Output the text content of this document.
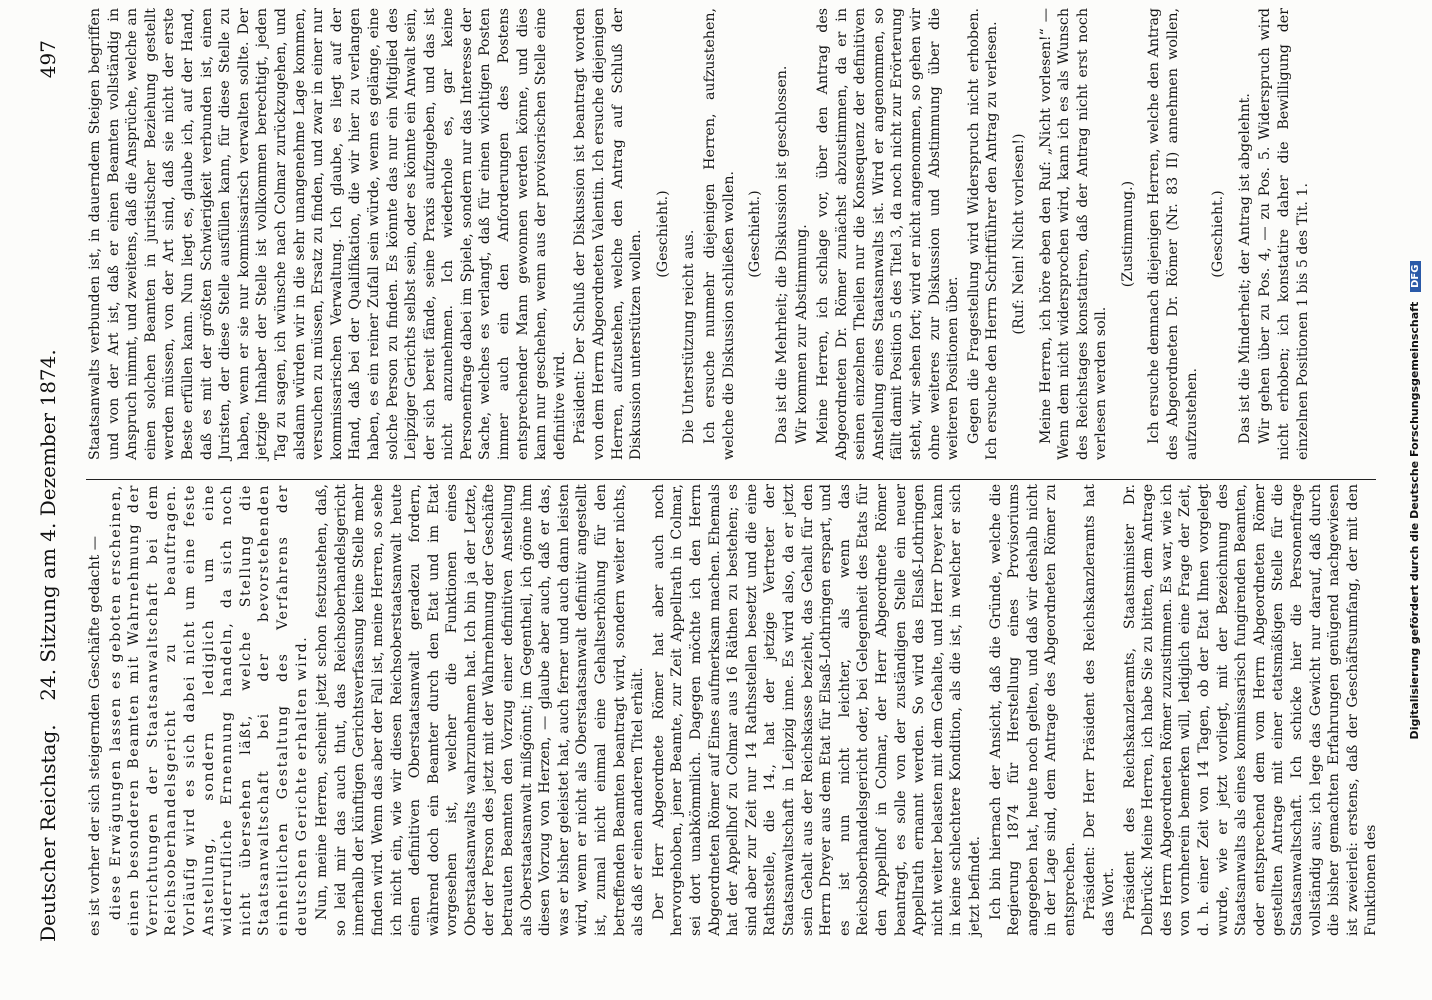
Deutscher Reichstag.
24. Sitzung am 4. Dezember 1874.
497

es ist vorher der sich steigernden Geschäfte gedacht — diese Erwägungen lassen es geboten erscheinen, einen besonderen Beamten mit Wahrnehmung der Verrichtungen der Staatsanwaltschaft bei dem Reichsoberhandelsgericht zu beauftragen. Vorläufig wird es sich dabei nicht um eine feste Anstellung, sondern lediglich um eine widerrufliche Ernennung handeln, da sich noch nicht übersehen läßt, welche Stellung die Staatsanwaltschaft bei der bevorstehenden einheitlichen Gestaltung des Verfahrens der deutschen Gerichte erhalten wird. Nun, meine Herren, scheint jetzt schon festzustehen, daß, so leid mir das auch thut, das Reichsoberhandelsgericht innerhalb der künftigen Gerichtsverfassung keine Stelle mehr finden wird. Wenn das aber der Fall ist, meine Herren, so sehe ich nicht ein, wie wir diesen Reichsoberstaatsanwalt heute einen definitiven Oberstaatsanwalt geradezu fordern, während doch ein Beamter durch den Etat und im Etat vorgesehen ist, welcher die Funktionen eines Oberstaatsanwalts wahrzunehmen hat. Ich bin ja der Letzte, der der Person des jetzt mit der Wahrnehmung der Geschäfte betrauten Beamten den Vorzug einer definitiven Anstellung als Oberstaatsanwalt mißgönnt; im Gegentheil, ich gönne ihm diesen Vorzug von Herzen, — glaube aber auch, daß er das, was er bisher geleistet hat, auch ferner und auch dann leisten wird, wenn er nicht als Oberstaatsanwalt definitiv angestellt ist, zumal nicht einmal eine Gehaltserhöhung für den betreffenden Beamten beantragt wird, sondern weiter nichts, als daß er einen anderen Titel erhält. Der Herr Abgeordnete Römer hat aber auch noch hervorgehoben, jener Beamte, zur Zeit Appellrath in Colmar, sei dort unabkömmlich. Dagegen möchte ich den Herrn Abgeordneten Römer auf Eines aufmerksam machen. Ehemals hat der Appellhof zu Colmar aus 16 Räthen zu bestehen; es sind aber zur Zeit nur 14 Rathsstellen besetzt und die eine Rathsstelle, die 14., hat der jetzige Vertreter der Staatsanwaltschaft in Leipzig inne. Es wird also, da er jetzt sein Gehalt aus der Reichskasse bezieht, das Gehalt für den Herrn Dreyer aus dem Etat für Elsaß-Lothringen erspart, und es ist nun nicht leichter, als wenn das Reichsoberhandelsgericht oder, bei Gelegenheit des Etats für den Appellhof in Colmar, der Herr Abgeordnete Römer beantragt, es solle von der zuständigen Stelle ein neuer Appellrath ernannt werden. So wird das Elsaß-Lothringen nicht weiter belasten mit dem Gehalte, und Herr Dreyer kann in keine schlechtere Kondition, als die ist, in welcher er sich jetzt befindet. Ich bin hiernach der Ansicht, daß die Gründe, welche die Regierung 1874 für Herstellung eines Provisoriums angegeben hat, heute noch gelten, und daß wir deshalb nicht in der Lage sind, dem Antrage des Abgeordneten Römer zu entsprechen. Präsident: Der Herr Präsident des Reichskanzleramts hat das Wort. Präsident des Reichskanzleramts, Staatsminister Dr. Delbrück: Meine Herren, ich habe Sie zu bitten, dem Antrage des Herrn Abgeordneten Römer zuzustimmen. Es war, wie ich von vornherein bemerken will, lediglich eine Frage der Zeit, d. h. einer Zeit von 14 Tagen, ob der Etat Ihnen vorgelegt wurde, wie er jetzt vorliegt, mit der Bezeichnung des Staatsanwalts als eines kommissarisch fungirenden Beamten, oder entsprechend dem vom Herrn Abgeordneten Römer gestellten Antrage mit einer etatsmäßigen Stelle für die Staatsanwaltschaft. Ich schicke hier die Personenfrage vollständig aus; ich lege das Gewicht nur darauf, daß durch die bisher gemachten Erfahrungen genügend nachgewiesen ist zweierlei: erstens, daß der Geschäftsumfang, der mit den Funktionen des

Staatsanwalts verbunden ist, in dauerndem Steigen begriffen und von der Art ist, daß er einen Beamten vollständig in Anspruch nimmt, und zweitens, daß die Ansprüche, welche an einen solchen Beamten in juristischer Beziehung gestellt werden müssen, von der Art sind, daß sie nicht der erste Beste erfüllen kann. Nun liegt es, glaube ich, auf der Hand, daß es mit der größten Schwierigkeit verbunden ist, einen Juristen, der diese Stelle ausfüllen kann, für diese Stelle zu haben, wenn er sie nur kommissarisch verwalten sollte. Der jetzige Inhaber der Stelle ist vollkommen berechtigt, jeden Tag zu sagen, ich wünsche nach Colmar zurückzugehen, und alsdann würden wir in die sehr unangenehme Lage kommen, versuchen zu müssen, Ersatz zu finden, und zwar in einer nur kommissarischen Verwaltung. Ich glaube, es liegt auf der Hand, daß bei der Qualifikation, die wir hier zu verlangen haben, es ein reiner Zufall sein würde, wenn es gelänge, eine solche Person zu finden. Es könnte das nur ein Mitglied des Leipziger Gerichts selbst sein, oder es könnte ein Anwalt sein, der sich bereit fände, seine Praxis aufzugeben, und das ist nicht anzunehmen. Ich wiederhole es, gar keine Personenfrage dabei im Spiele, sondern nur das Interesse der Sache, welches es verlangt, daß für einen wichtigen Posten immer auch ein den Anforderungen des Postens entsprechender Mann gewonnen werden könne, und dies kann nur geschehen, wenn aus der provisorischen Stelle eine definitive wird. Präsident: Der Schluß der Diskussion ist beantragt worden von dem Herrn Abgeordneten Valentin. Ich ersuche diejenigen Herren, aufzustehen, welche den Antrag auf Schluß der Diskussion unterstützen wollen. (Geschieht.) Die Unterstützung reicht aus. Ich ersuche nunmehr diejenigen Herren, aufzustehen, welche die Diskussion schließen wollen. (Geschieht.) Das ist die Mehrheit; die Diskussion ist geschlossen. Wir kommen zur Abstimmung. Meine Herren, ich schlage vor, über den Antrag des Abgeordneten Dr. Römer zunächst abzustimmen, da er in seinen einzelnen Theilen nur die Konsequenz der definitiven Anstellung eines Staatsanwalts ist. Wird er angenommen, so fällt damit Position 5 des Titel 3, da noch nicht zur Erörterung steht, wir sehen fort; wird er nicht angenommen, so gehen wir ohne weiteres zur Diskussion und Abstimmung über die weiteren Positionen über. Gegen die Fragestellung wird Widerspruch nicht erhoben. Ich ersuche den Herrn Schriftführer den Antrag zu verlesen. (Ruf: Nein! Nicht vorlesen!) Meine Herren, ich höre eben den Ruf: „Nicht vorlesen!“ — Wenn dem nicht widersprochen wird, kann ich es als Wunsch des Reichstages konstatiren, daß der Antrag nicht erst noch verlesen werden soll.

(Zustimmung.) Ich ersuche demnach diejenigen Herren, welche den Antrag des Abgeordneten Dr. Römer (Nr. 83 II) annehmen wollen, aufzustehen.

(Geschieht.) Das ist die Minderheit; der Antrag ist abgelehnt. Wir gehen über zu Pos. 4, — zu Pos. 5. Widerspruch wird nicht erhoben; ich konstatire daher die Bewilligung der einzelnen Positionen 1 bis 5 des Tit. 1.	Digitalisierung gefördert durch die Deutsche Forschungsgemeinschaft DFG
